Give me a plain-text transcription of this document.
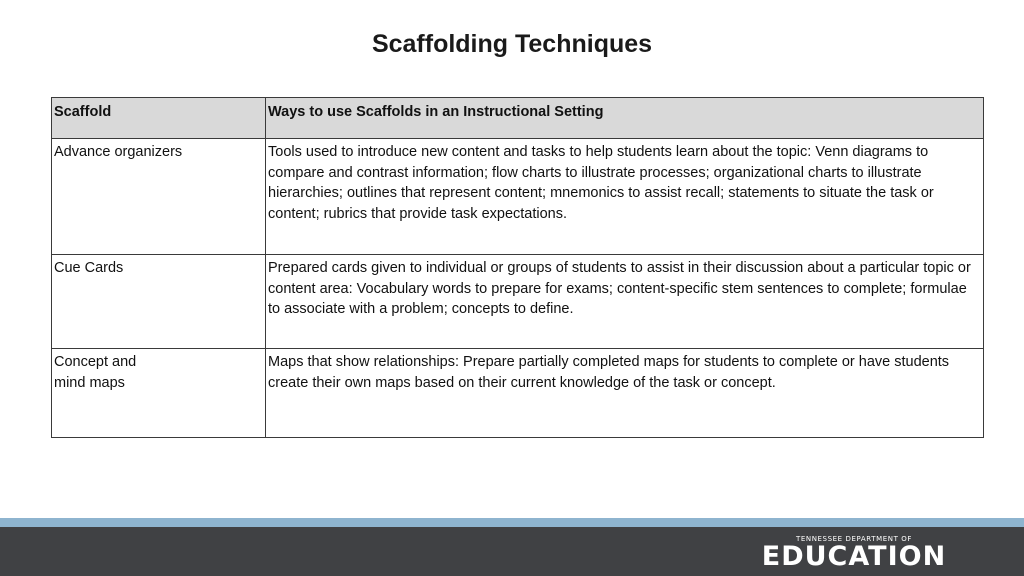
Scaffolding Techniques
Scaffold	Ways to use Scaffolds in an Instructional Setting
Advance organizers	Tools used to introduce new content and tasks to help students learn about the topic: Venn diagrams to compare and contrast information; flow charts to illustrate processes; organizational charts to illustrate hierarchies; outlines that represent content; mnemonics to assist recall; statements to situate the task or content; rubrics that provide task expectations.
Cue Cards	Prepared cards given to individual or groups of students to assist in their discussion about a particular topic or content area: Vocabulary words to prepare for exams; content-specific stem sentences to complete; formulae to associate with a problem; concepts to define.
Concept and
mind maps	Maps that show relationships: Prepare partially completed maps for students to complete or have students create their own maps based on their current knowledge of the task or concept.
TENNESSEE DEPARTMENT OF
EDUCATION
